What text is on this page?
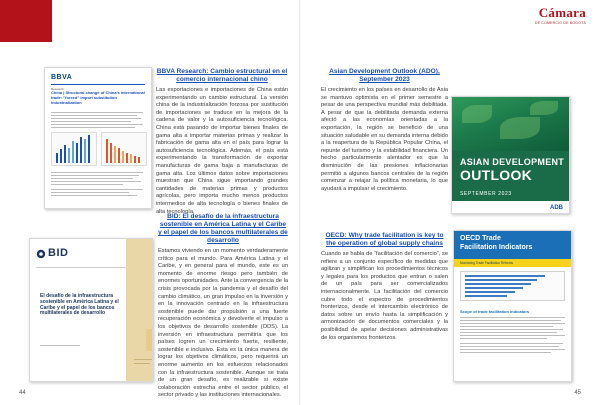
Cámara
DE COMERCIO DE BOGOTÁ
BBVA
Research
China | Structural change of China's international trade: "forced" import substitution industrialization
BBVA Research: Cambio estructural en el comercio internacional chino
Las exportaciones e importaciones de China están experimentando un cambio estructural. La versión china de la industrialización forzosa por sustitución de importaciones se traduce en la mejora de la cadena de valor y la autosuficiencia tecnológica. China está pasando de importar bienes finales de gama alta a importar materias primas y realizar la fabricación de gama alta en el país para lograr la autosuficiencia tecnológica. Además, el país está experimentando la transformación de exportar manufacturas de gama baja a manufacturas de gama alta. Los últimos datos sobre importaciones muestran que China sigue importando grandes cantidades de materias primas y productos agrícolas, pero importa mucho menos productos intermedios de alta tecnología o bienes finales de alta tecnología.
BID
El desafío de la infraestructura sostenible en América Latina y el Caribe y el papel de los bancos multilaterales de desarrollo
BID: El desafío de la infraestructura sostenible en América Latina y el Caribe y el papel de los bancos multilaterales de desarrollo
Estamos viviendo en un momento verdaderamente crítico para el mundo. Para América Latina y el Caribe, y en general para el mundo, este es un momento de enorme riesgo pero también de enormes oportunidades. Ante la convergencia de la crisis provocada por la pandemia y el desafío del cambio climático, un gran impulso en la inversión y en la innovación centrado en la infraestructura sostenible puede dar propulsión a una fuerte recuperación económica y devolverle el impulso a los objetivos de desarrollo sostenible (ODS). La inversión en infraestructura permitiría que los países logren un crecimiento fuerte, resiliente, sostenible e inclusivo. Esta es la única manera de lograr los objetivos climáticos, pero requerirá un enorme aumento en los esfuerzos relacionados con la infraestructura sostenible. Aunque se trata de un gran desafío, es realizable si existe colaboración estrecha entre el sector público, el sector privado y las instituciones internacionales.
44
Asian Development Outlook (ADO), September 2023
El crecimiento en los países en desarrollo de Asia se mantuvo optimista en el primer semestre a pesar de una perspectiva mundial más debilitada. A pesar de que la debilitada demanda externa afectó a las economías orientadas a la exportación, la región se benefició de una situación saludable en su demanda interna debido a la reapertura de la República Popular China, el repunte del turismo y la estabilidad financiera. Un hecho particularmente alentador es que la disminución de las presiones inflacionarias permitió a algunos bancos centrales de la región comenzar a relajar la política monetaria, lo que ayudará a impulsar el crecimiento.
ASIAN DEVELOPMENT
OUTLOOK
SEPTEMBER 2023
ADB
OECD Trade
Facilitation Indicators
Monitoring Trade Facilitation Reforms
Scope of trade facilitation indicators
OECD: Why trade facilitation is key to the operation of global supply chains
Cuando se habla de “facilitación del comercio”, se refiere a un conjunto específico de medidas que agilizan y simplifican los procedimientos técnicos y legales para los productos que entran o salen de un país para ser comercializados internacionalmente. La facilitación del comercio cubre todo el espectro de procedimientos fronterizos, desde el intercambio electrónico de datos sobre un envío hasta la simplificación y armonización de documentos comerciales y la posibilidad de apelar decisiones administrativas de los organismos fronterizos.
45
